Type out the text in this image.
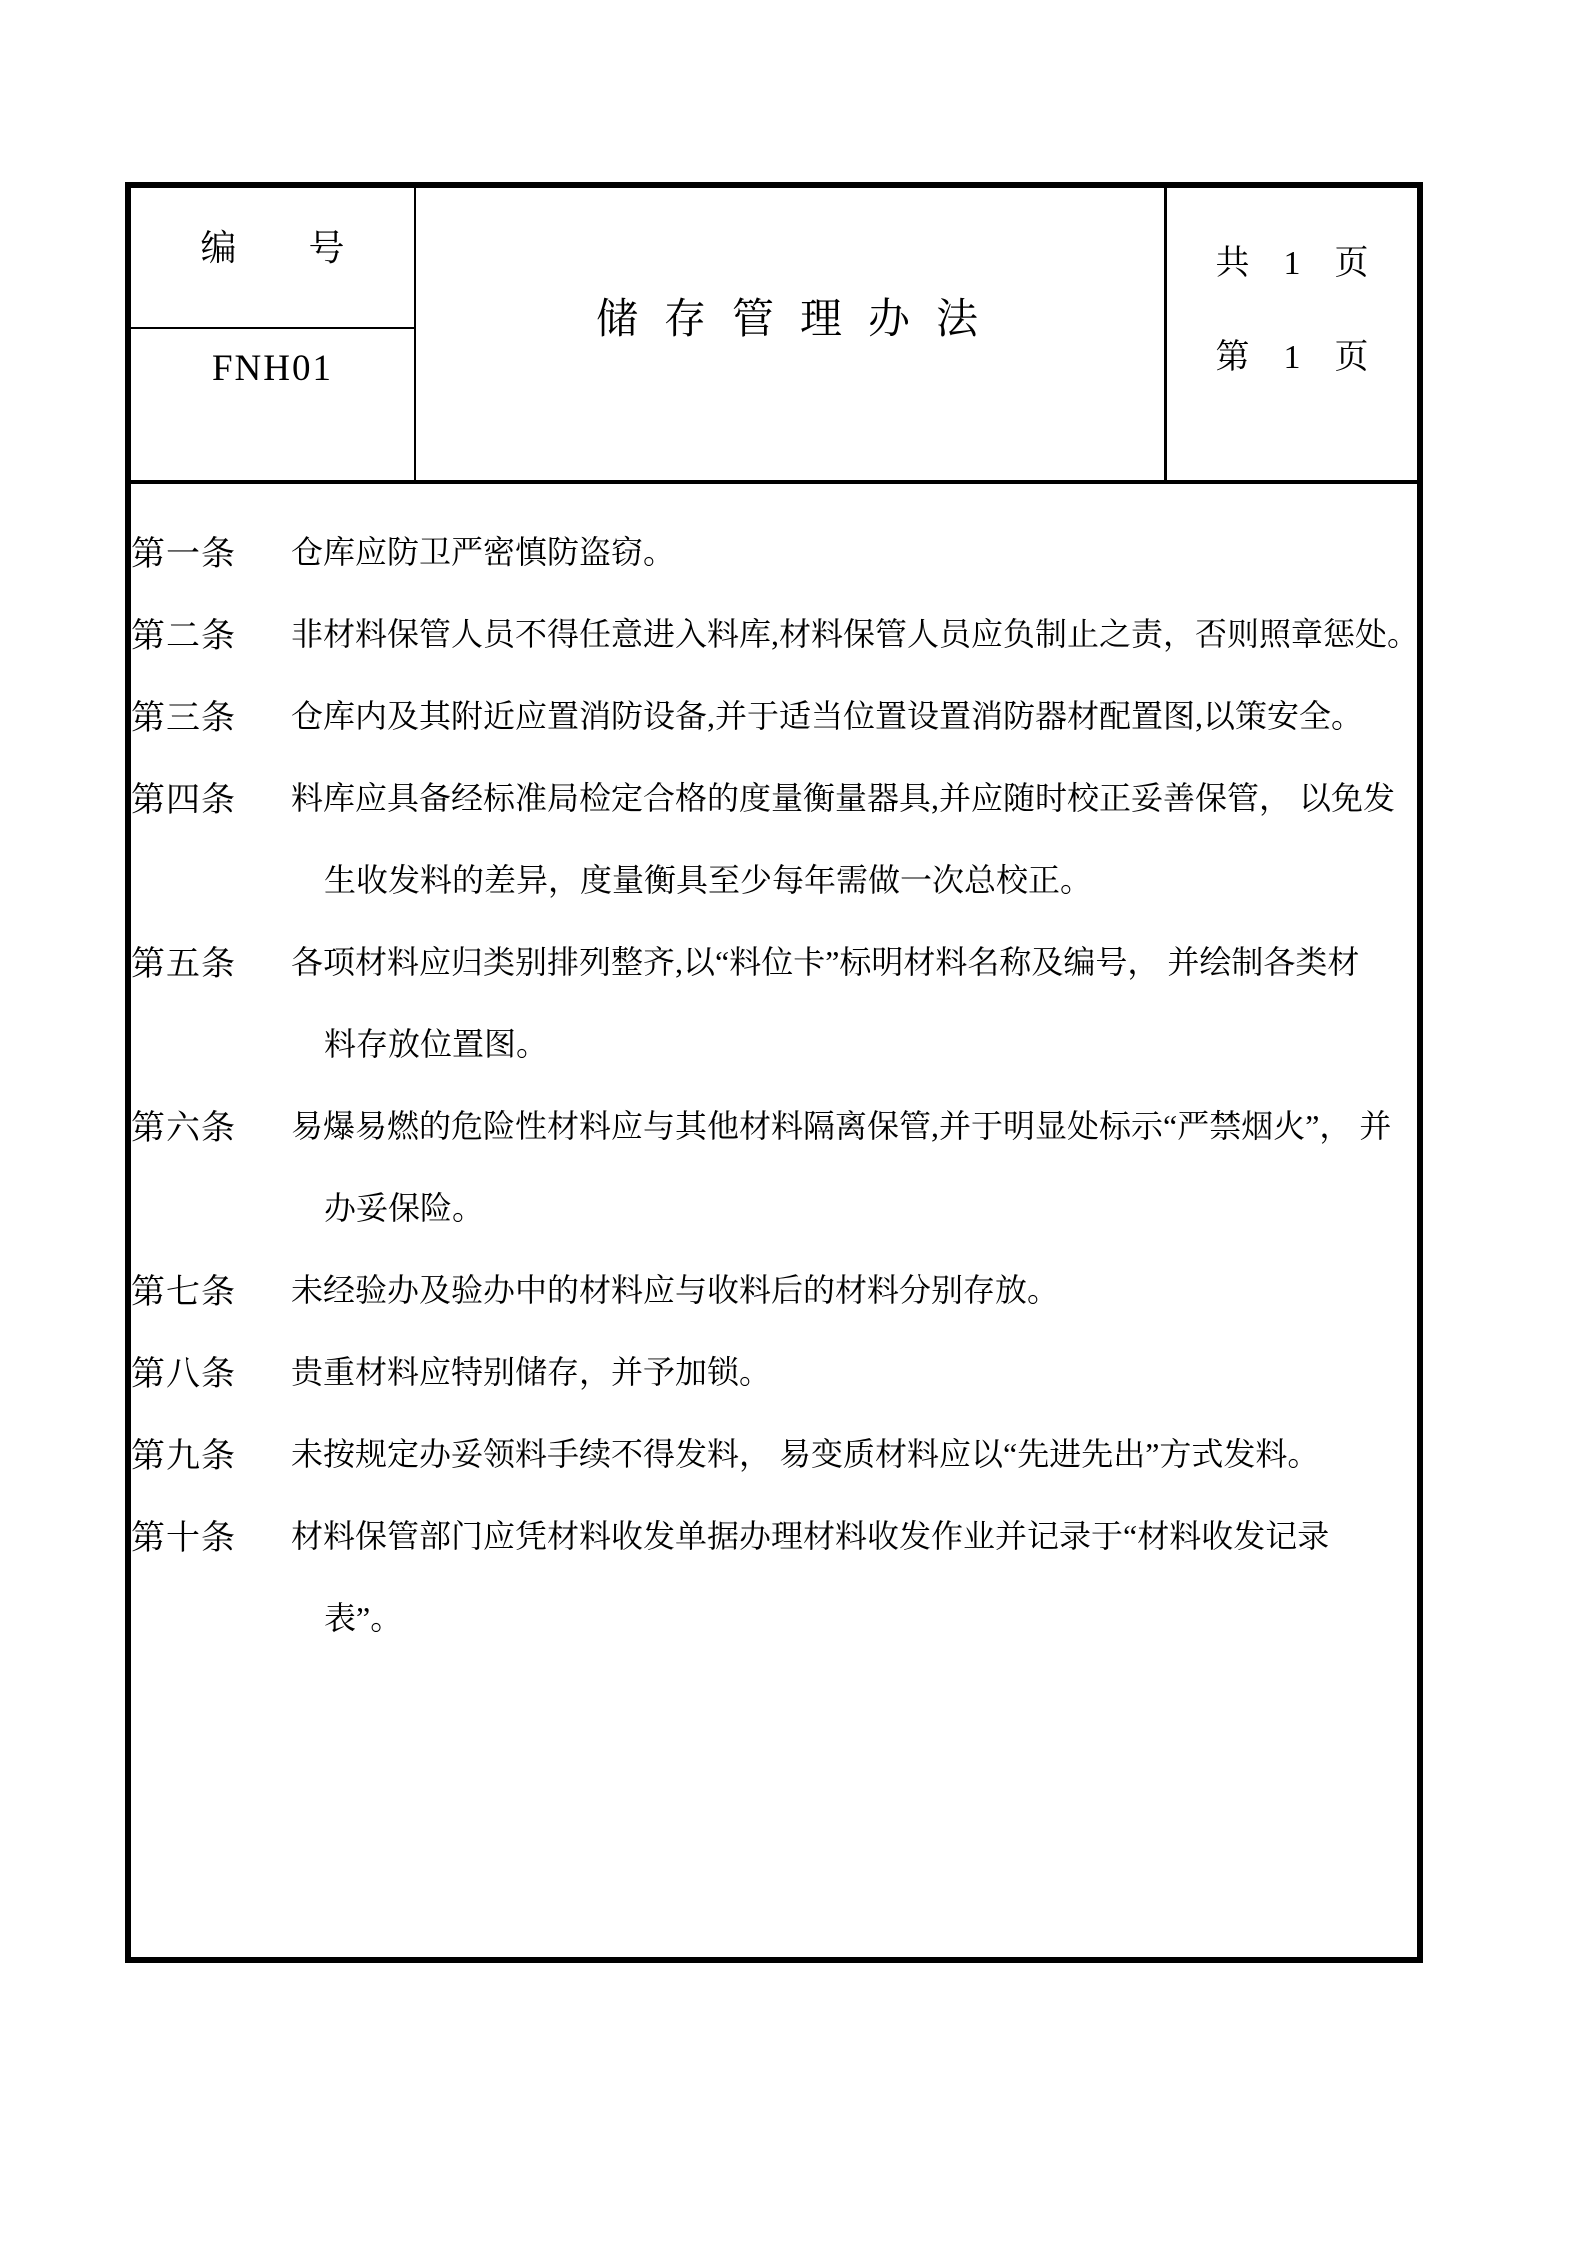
编　　号
FNH01
储存管理办法
共　1　页
第　1　页
第一条	仓库应防卫严密慎防盗窃。
第二条	非材料保管人员不得任意进入料库,材料保管人员应负制止之责，否则照章惩处。
第三条	仓库内及其附近应置消防设备,并于适当位置设置消防器材配置图,以策安全。
第四条	料库应具备经标准局检定合格的度量衡量器具,并应随时校正妥善保管， 以免发
生收发料的差异，度量衡具至少每年需做一次总校正。
第五条	各项材料应归类别排列整齐,以“料位卡”标明材料名称及编号， 并绘制各类材
料存放位置图。
第六条	易爆易燃的危险性材料应与其他材料隔离保管,并于明显处标示“严禁烟火”， 并
办妥保险。
第七条	未经验办及验办中的材料应与收料后的材料分别存放。
第八条	贵重材料应特别储存，并予加锁。
第九条	未按规定办妥领料手续不得发料， 易变质材料应以“先进先出”方式发料。
第十条	材料保管部门应凭材料收发单据办理材料收发作业并记录于“材料收发记录
表”。
